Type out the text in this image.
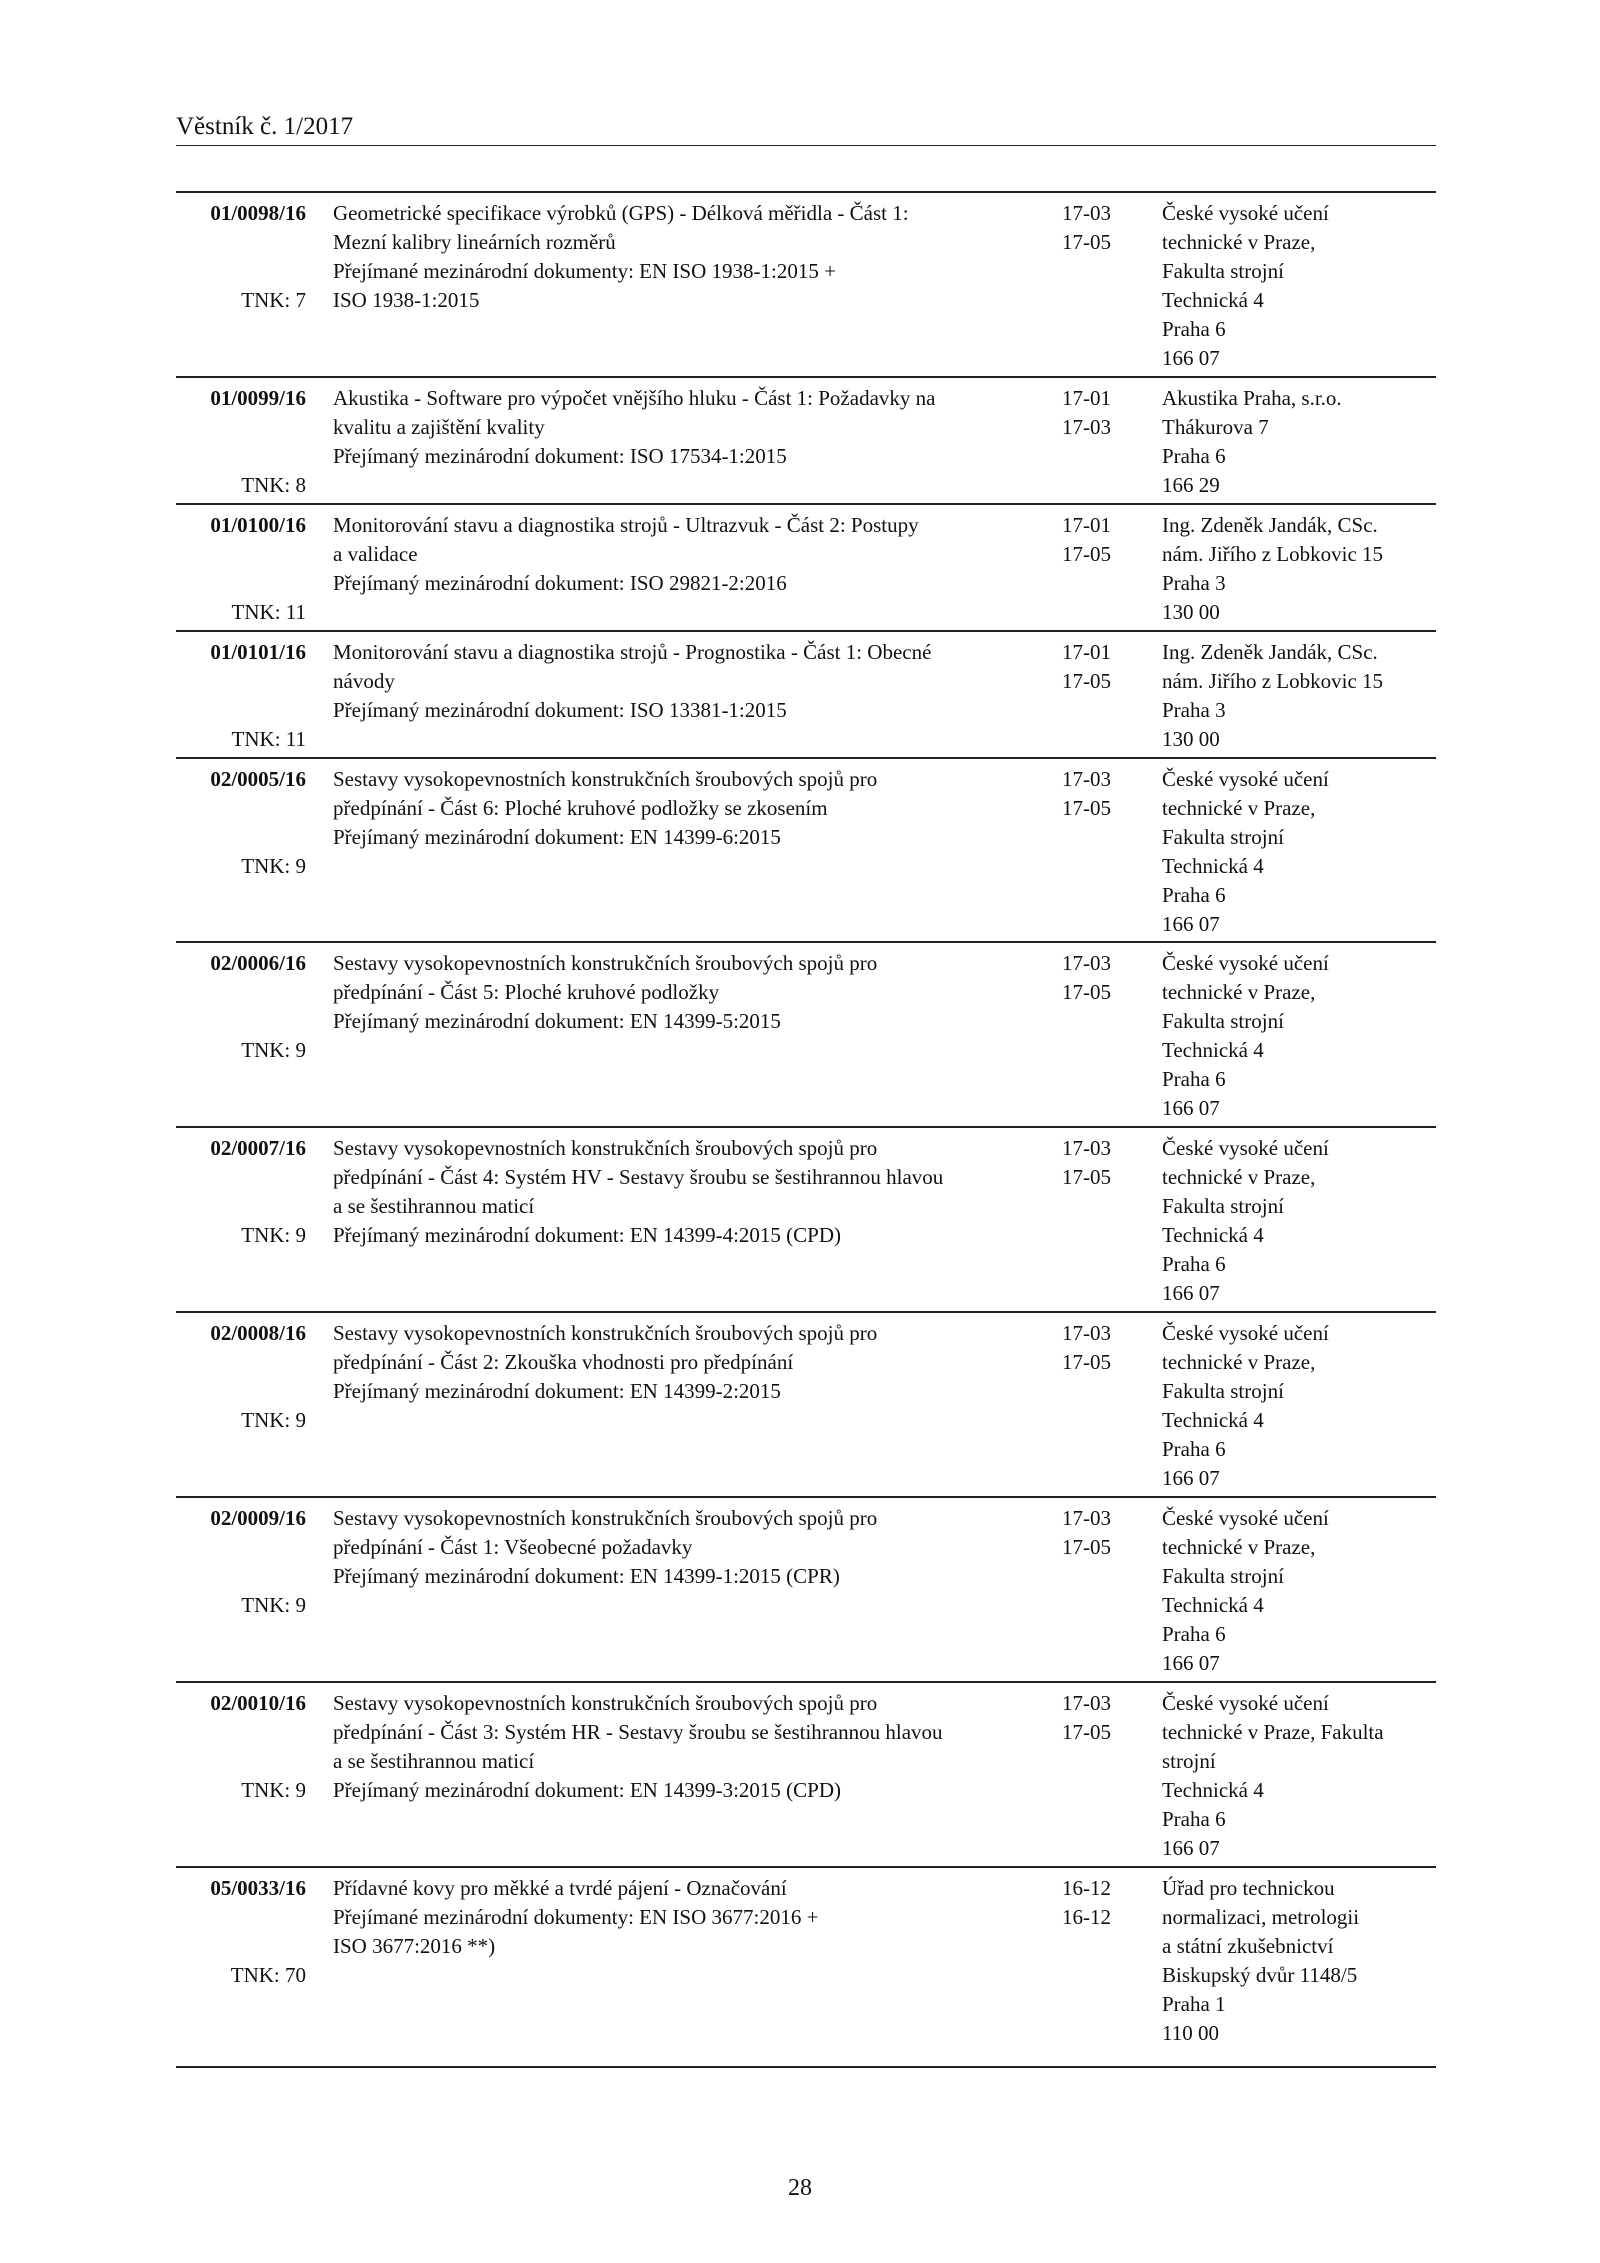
Věstník č. 1/2017
01/0098/16
TNK: 7
Geometrické specifikace výrobků (GPS) - Délková měřidla - Část 1:
Mezní kalibry lineárních rozměrů
Přejímané mezinárodní dokumenty: EN ISO 1938-1:2015 +
ISO 1938-1:2015
17-03
17-05
České vysoké učení
technické v Praze,
Fakulta strojní
Technická 4
Praha 6
166 07
01/0099/16
TNK: 8
Akustika - Software pro výpočet vnějšího hluku - Část 1: Požadavky na
kvalitu a zajištění kvality
Přejímaný mezinárodní dokument: ISO 17534-1:2015
17-01
17-03
Akustika Praha, s.r.o.
Thákurova 7
Praha 6
166 29
01/0100/16
TNK: 11
Monitorování stavu a diagnostika strojů - Ultrazvuk - Část 2: Postupy
a validace
Přejímaný mezinárodní dokument: ISO 29821-2:2016
17-01
17-05
Ing. Zdeněk Jandák, CSc.
nám. Jiřího z Lobkovic 15
Praha 3
130 00
01/0101/16
TNK: 11
Monitorování stavu a diagnostika strojů - Prognostika - Část 1: Obecné
návody
Přejímaný mezinárodní dokument: ISO 13381-1:2015
17-01
17-05
Ing. Zdeněk Jandák, CSc.
nám. Jiřího z Lobkovic 15
Praha 3
130 00
02/0005/16
TNK: 9
Sestavy vysokopevnostních konstrukčních šroubových spojů pro
předpínání - Část 6: Ploché kruhové podložky se zkosením
Přejímaný mezinárodní dokument: EN 14399-6:2015
17-03
17-05
České vysoké učení
technické v Praze,
Fakulta strojní
Technická 4
Praha 6
166 07
02/0006/16
TNK: 9
Sestavy vysokopevnostních konstrukčních šroubových spojů pro
předpínání - Část 5: Ploché kruhové podložky
Přejímaný mezinárodní dokument: EN 14399-5:2015
17-03
17-05
České vysoké učení
technické v Praze,
Fakulta strojní
Technická 4
Praha 6
166 07
02/0007/16
TNK: 9
Sestavy vysokopevnostních konstrukčních šroubových spojů pro
předpínání - Část 4: Systém HV - Sestavy šroubu se šestihrannou hlavou
a se šestihrannou maticí
Přejímaný mezinárodní dokument: EN 14399-4:2015 (CPD)
17-03
17-05
České vysoké učení
technické v Praze,
Fakulta strojní
Technická 4
Praha 6
166 07
02/0008/16
TNK: 9
Sestavy vysokopevnostních konstrukčních šroubových spojů pro
předpínání - Část 2: Zkouška vhodnosti pro předpínání
Přejímaný mezinárodní dokument: EN 14399-2:2015
17-03
17-05
České vysoké učení
technické v Praze,
Fakulta strojní
Technická 4
Praha 6
166 07
02/0009/16
TNK: 9
Sestavy vysokopevnostních konstrukčních šroubových spojů pro
předpínání - Část 1: Všeobecné požadavky
Přejímaný mezinárodní dokument: EN 14399-1:2015 (CPR)
17-03
17-05
České vysoké učení
technické v Praze,
Fakulta strojní
Technická 4
Praha 6
166 07
02/0010/16
TNK: 9
Sestavy vysokopevnostních konstrukčních šroubových spojů pro
předpínání - Část 3: Systém HR - Sestavy šroubu se šestihrannou hlavou
a se šestihrannou maticí
Přejímaný mezinárodní dokument: EN 14399-3:2015 (CPD)
17-03
17-05
České vysoké učení
technické v Praze, Fakulta
strojní
Technická 4
Praha 6
166 07
05/0033/16
TNK: 70
Přídavné kovy pro měkké a tvrdé pájení - Označování
Přejímané mezinárodní dokumenty: EN ISO 3677:2016 +
ISO 3677:2016 **)
16-12
16-12
Úřad pro technickou
normalizaci, metrologii
a státní zkušebnictví
Biskupský dvůr 1148/5
Praha 1
110 00
28
